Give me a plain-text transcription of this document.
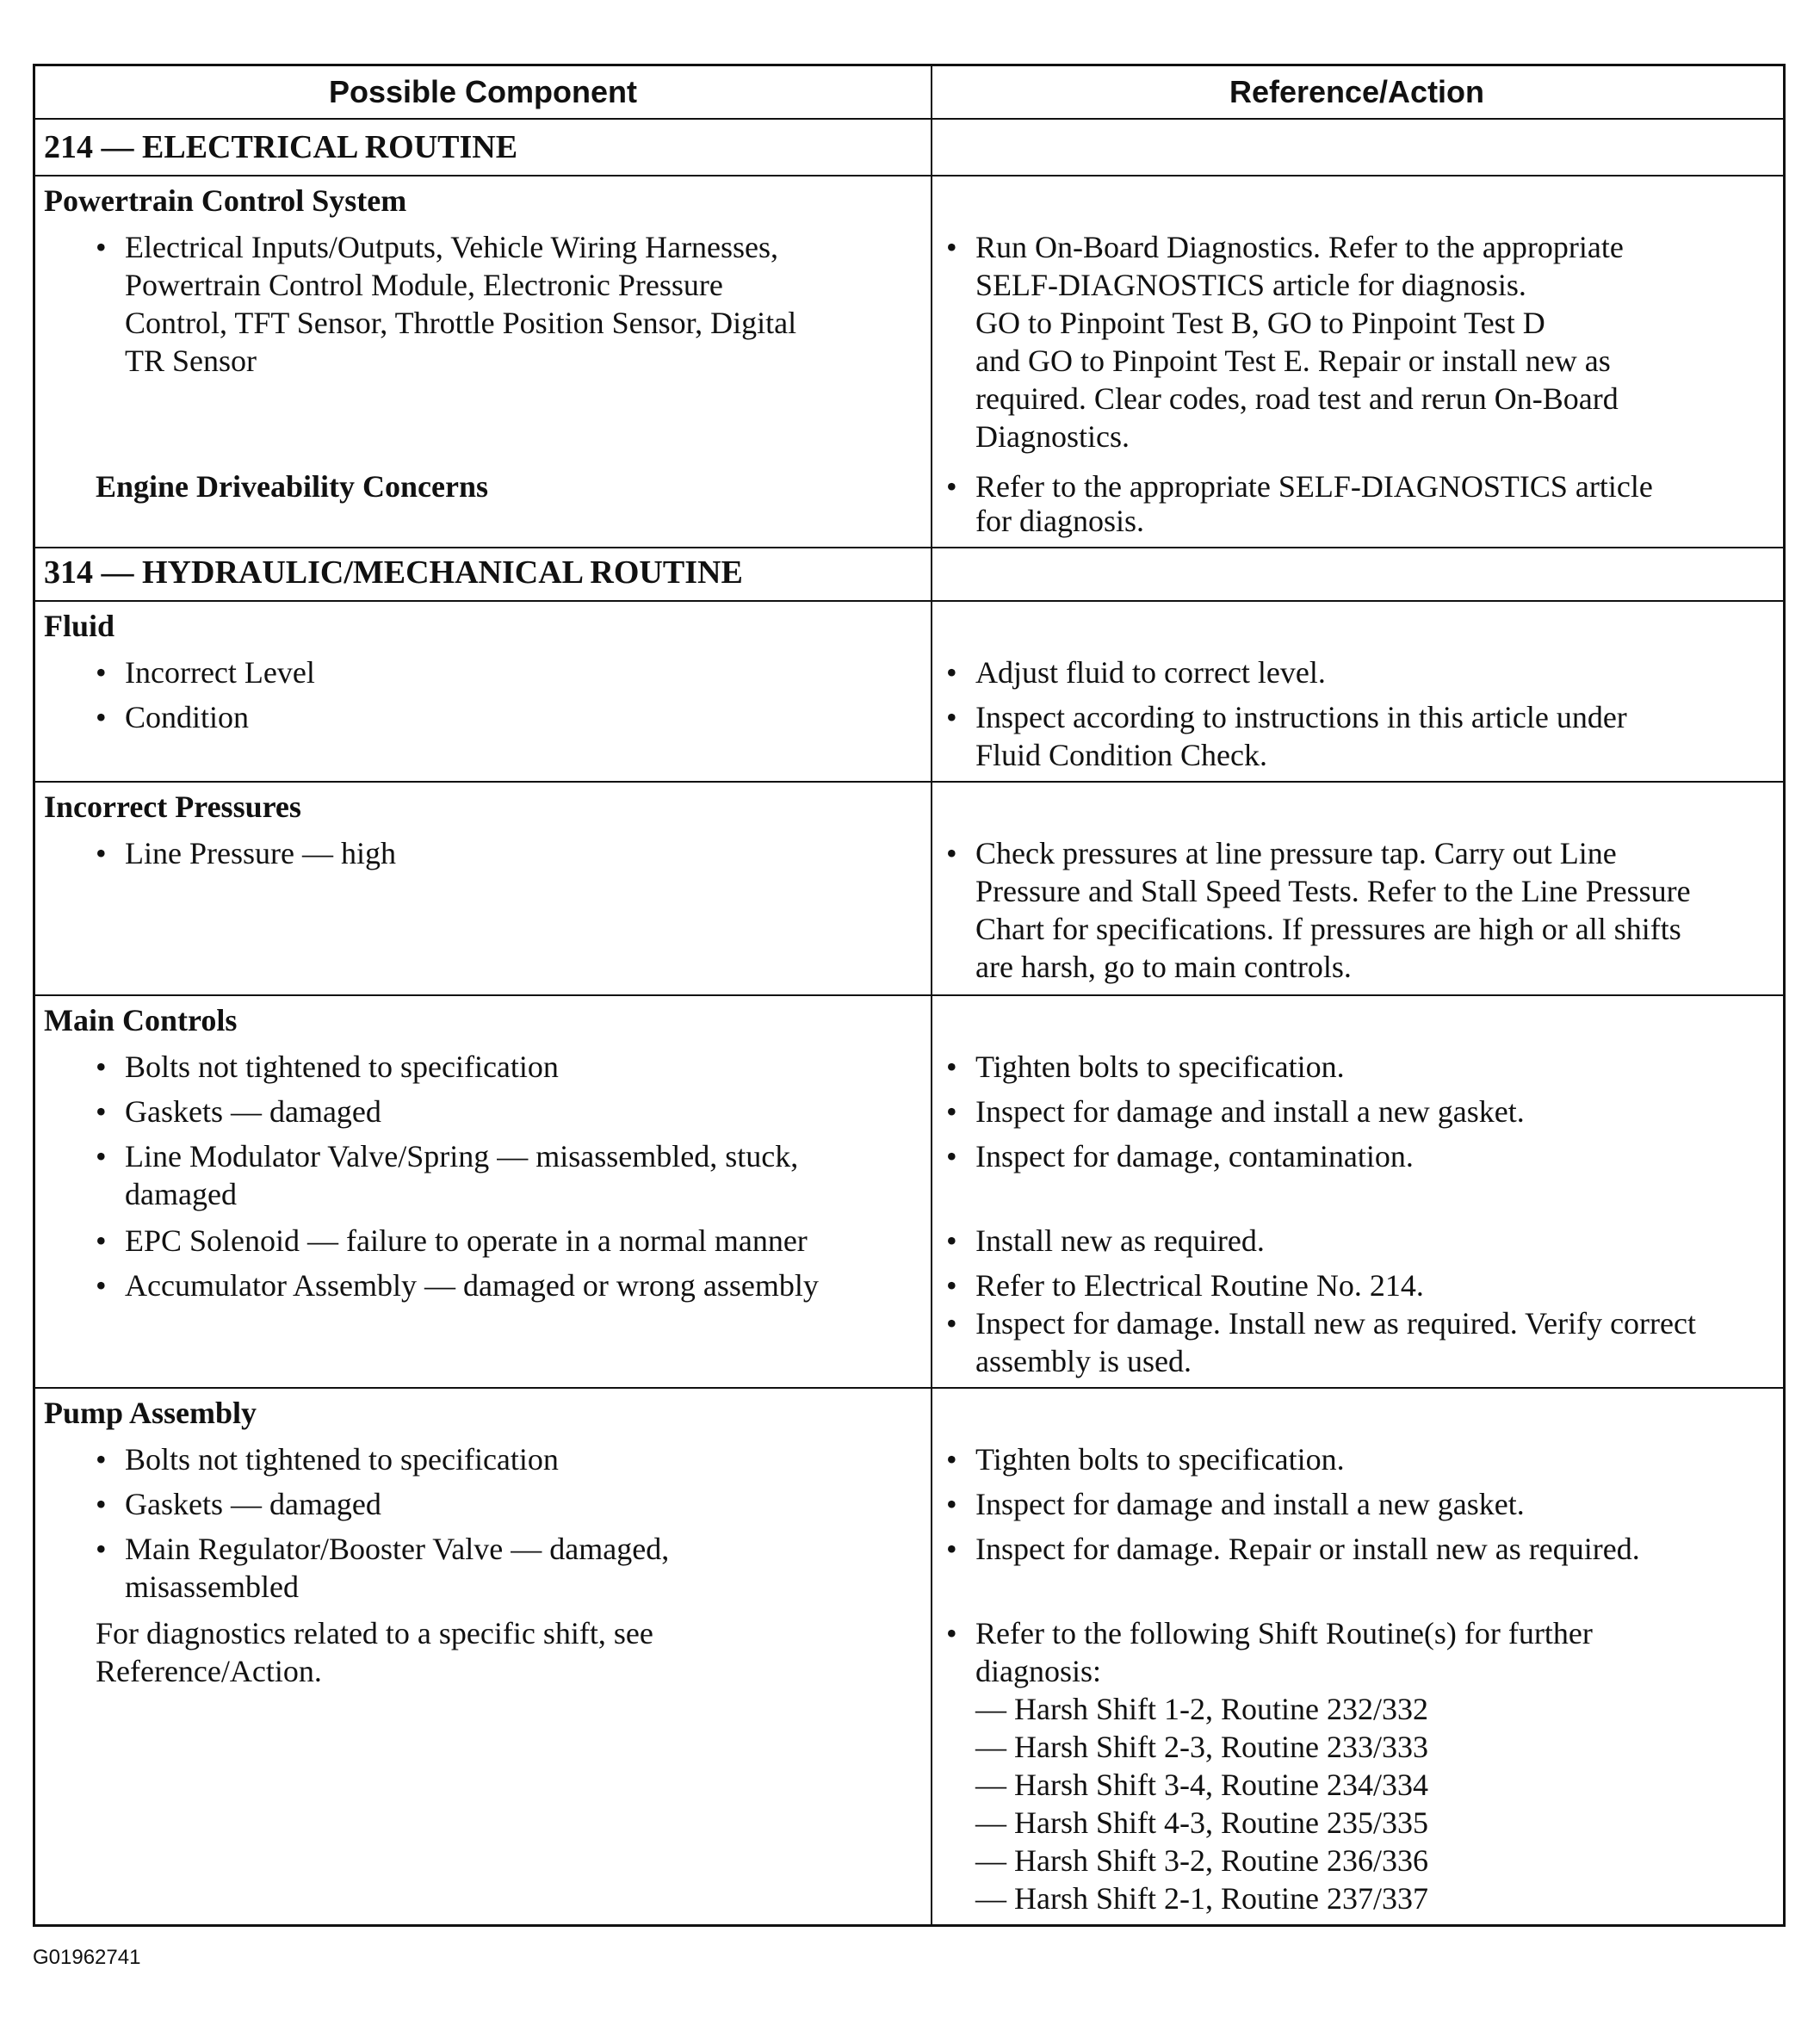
Possible Component	Reference/Action
214 — ELECTRICAL ROUTINE
Powertrain Control System
• Electrical Inputs/Outputs, Vehicle Wiring Harnesses,
Powertrain Control Module, Electronic Pressure
Control, TFT Sensor, Throttle Position Sensor, Digital
TR Sensor
Engine Driveability Concerns
• Run On-Board Diagnostics. Refer to the appropriate
SELF-DIAGNOSTICS article for diagnosis.
GO to Pinpoint Test B, GO to Pinpoint Test D
and GO to Pinpoint Test E. Repair or install new as
required. Clear codes, road test and rerun On-Board
Diagnostics.
• Refer to the appropriate SELF-DIAGNOSTICS article
for diagnosis.
314 — HYDRAULIC/MECHANICAL ROUTINE
Fluid
• Incorrect Level
• Condition
• Adjust fluid to correct level.
• Inspect according to instructions in this article under
Fluid Condition Check.
Incorrect Pressures
• Line Pressure — high
•	Check pressures at line pressure tap. Carry out Line
Pressure and Stall Speed Tests. Refer to the Line Pressure
Chart for specifications. If pressures are high or all shifts
are harsh, go to main controls.
Main Controls
• Bolts not tightened to specification
• Gaskets — damaged
• Line Modulator Valve/Spring — misassembled, stuck,
damaged
• EPC Solenoid — failure to operate in a normal manner
• Accumulator Assembly — damaged or wrong assembly
• Tighten bolts to specification.
• Inspect for damage and install a new gasket.
• Inspect for damage, contamination.
• Install new as required.
• Refer to Electrical Routine No. 214.
• Inspect for damage. Install new as required. Verify correct
assembly is used.
Pump Assembly
• Bolts not tightened to specification
• Gaskets — damaged
• Main Regulator/Booster Valve — damaged,
misassembled
For diagnostics related to a specific shift, see
Reference/Action.
• Tighten bolts to specification.
• Inspect for damage and install a new gasket.
• Inspect for damage. Repair or install new as required.
• Refer to the following Shift Routine(s) for further
diagnosis:
— Harsh Shift 1-2, Routine 232/332
— Harsh Shift 2-3, Routine 233/333
— Harsh Shift 3-4, Routine 234/334
— Harsh Shift 4-3, Routine 235/335
— Harsh Shift 3-2, Routine 236/336
— Harsh Shift 2-1, Routine 237/337
G01962741
